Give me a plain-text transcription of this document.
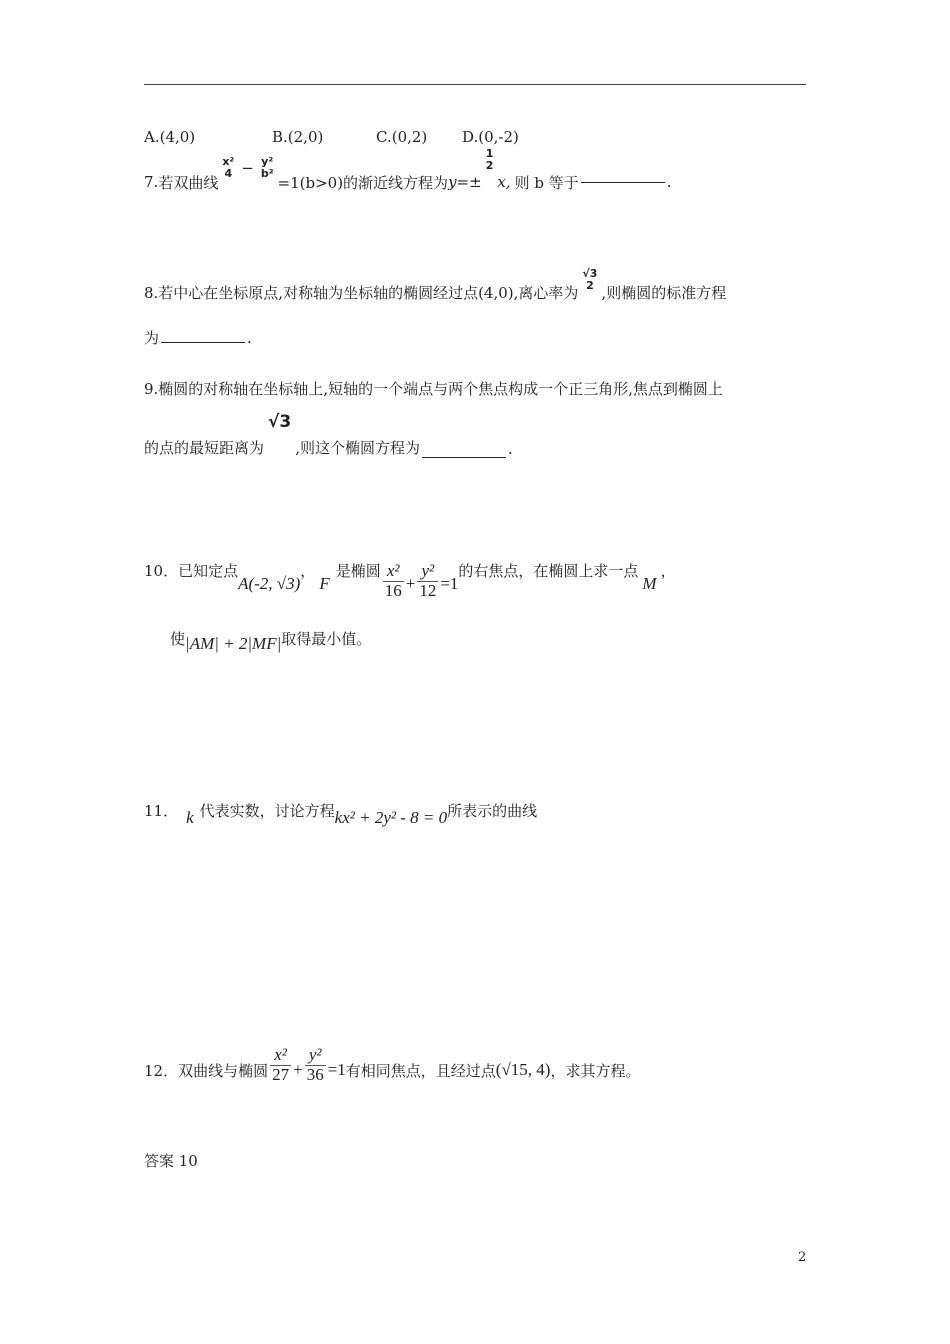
A.(4,0)	B.(2,0)	C.(0,2) D.(0,-2)
7. 若双曲线
x²
4 − y²
b² =1(b>0)的渐近线方程为 y=±
1
2
x, 则 b 等于	.
8.若中心在坐标原点,对称轴为坐标轴的椭圆经过点(4,0),离心率为
√3
2 ,则椭圆的标准方程
为	.
9.椭圆的对称轴在坐标轴上,短轴的一个端点与两个焦点构成一个正三角形,焦点到椭圆上
的点的最短距离为
√3
,则这个椭圆方程为	.
10．已知定点
A(-2, √3)
，
F
是椭圆 $\frac{\text{x²}}{16} + \frac{\text{y²}}{12} =1$
的右焦点，在椭圆上求一点
M
，
使 |AM| + 2|MF| 取得最小值。
11． k 代表实数，讨论方程 kx² + 2y² - 8 = 0 所表示的曲线
12．双曲线与椭圆 $\frac{\text{x²}}{27} + \frac{\text{y²}}{36} =1$ 有相同焦点，且经过点 (√15, 4) ，求其方程。
答案 10
2
